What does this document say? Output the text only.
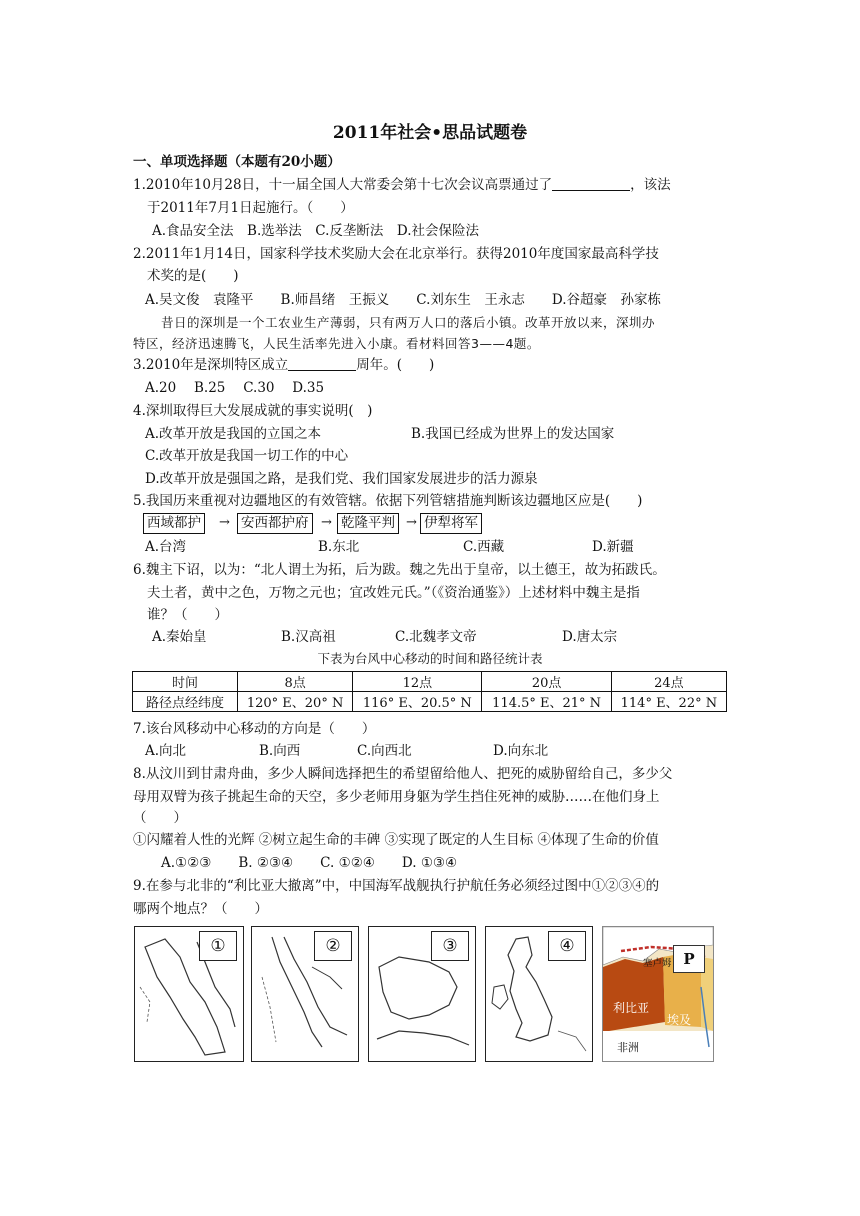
2011年社会•思品试题卷
一、单项选择题（本题有20小题）
1.2010年10月28日，十一届全国人大常委会第十七次会议高票通过了	，该法
于2011年7月1日起施行。（　　）
A.食品安全法　B.选举法　C.反垄断法　D.社会保险法
2.2011年1月14日，国家科学技术奖励大会在北京举行。获得2010年度国家最高科学技
术奖的是(　　)
A.吴文俊　袁隆平　　B.师昌绪　王振义　　C.刘东生　王永志　　D.谷超豪　孙家栋
昔日的深圳是一个工农业生产薄弱，只有两万人口的落后小镇。改革开放以来，深圳办
特区，经济迅速腾飞，人民生活率先进入小康。看材料回答3——4题。
3.2010年是深圳特区成立	周年。(　　)
A.20　 B.25　 C.30　 D.35
4.深圳取得巨大发展成就的事实说明(　)
A.改革开放是我国的立国之本	B.我国已经成为世界上的发达国家
C.改革开放是我国一切工作的中心
D.改革开放是强国之路，是我们党、我们国家发展进步的活力源泉
5.我国历来重视对边疆地区的有效管辖。依据下列管辖措施判断该边疆地区应是(　　)
西域都护	→ 安西都护府 → 乾隆平判 → 伊犁将军
A.台湾	B.东北	C.西藏	D.新疆
6.魏主下诏，以为：“北人谓土为拓，后为跋。魏之先出于皇帝，以土德王，故为拓跋氏。
夫土者，黄中之色，万物之元也；宜改姓元氏。”（《资治通鉴》）上述材料中魏主是指
谁？（　　）
A.秦始皇	B.汉高祖	C.北魏孝文帝	D.唐太宗
下表为台风中心移动的时间和路径统计表
时间	8点	12点	20点	24点
路径点经纬度	120° E、20° N	116° E、20.5° N	114.5° E、21° N	114° E、22° N
7.该台风移动中心移动的方向是（　　）
A.向北	B.向西	C.向西北	D.向东北
8.从汶川到甘肃舟曲，多少人瞬间选择把生的希望留给他人、把死的威胁留给自己，多少父
母用双臂为孩子挑起生命的天空，多少老师用身躯为学生挡住死神的威胁……在他们身上
（　　）
①闪耀着人性的光辉 ②树立起生命的丰碑 ③实现了既定的人生目标 ④体现了生命的价值
A.①②③　　B. ②③④　　C. ①②④　　D. ①③④
9.在参与北非的“利比亚大撤离”中，中国海军战舰执行护航任务必须经过图中①②③④的
哪两个地点？（　　）
①	②	③	④
P
塞卢姆
利比亚
埃及
非洲
